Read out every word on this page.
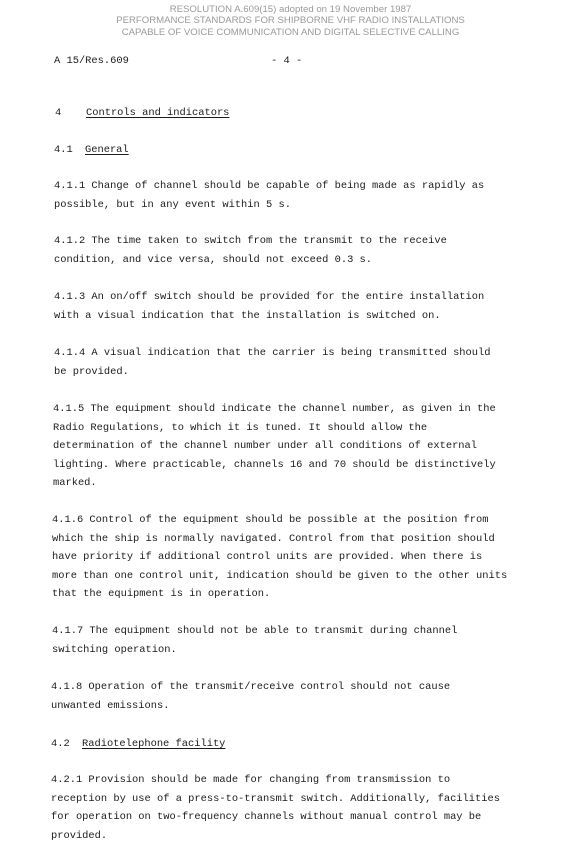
RESOLUTION A.609(15) adopted on 19 November 1987
PERFORMANCE STANDARDS FOR SHIPBORNE VHF RADIO INSTALLATIONS
CAPABLE OF VOICE COMMUNICATION AND DIGITAL SELECTIVE CALLING
A 15/Res.609	- 4 -
4 Controls and indicators
4.1 General
4.1.1 Change of channel should be capable of being made as rapidly as
possible, but in any event within 5 s.
4.1.2 The time taken to switch from the transmit to the receive
condition, and vice versa, should not exceed 0.3 s.
4.1.3 An on/off switch should be provided for the entire installation
with a visual indication that the installation is switched on.
4.1.4 A visual indication that the carrier is being transmitted should
be provided.
4.1.5 The equipment should indicate the channel number, as given in the
Radio Regulations, to which it is tuned. It should allow the
determination of the channel number under all conditions of external
lighting. Where practicable, channels 16 and 70 should be distinctively
marked.
4.1.6 Control of the equipment should be possible at the position from
which the ship is normally navigated. Control from that position should
have priority if additional control units are provided. When there is
more than one control unit, indication should be given to the other units
that the equipment is in operation.
4.1.7 The equipment should not be able to transmit during channel
switching operation.
4.1.8 Operation of the transmit/receive control should not cause
unwanted emissions.
4.2 Radiotelephone facility
4.2.1 Provision should be made for changing from transmission to
reception by use of a press-to-transmit switch. Additionally, facilities
for operation on two-frequency channels without manual control may be
provided.
